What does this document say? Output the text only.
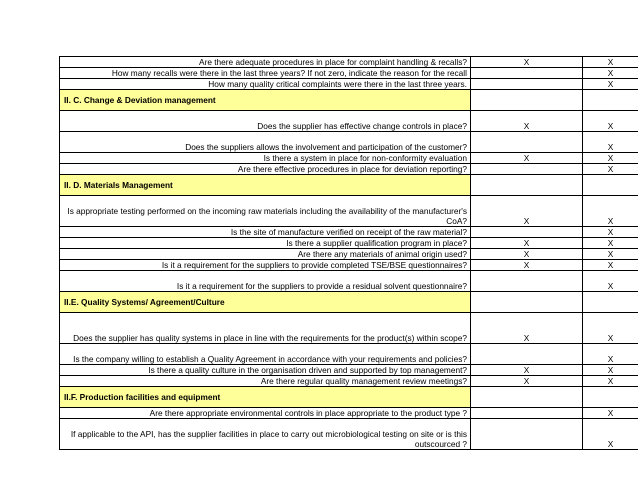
Are there adequate procedures in place for complaint handling & recalls?	X	X
How many recalls were there in the last three years? If not zero, indicate the reason for the recall		X
How many quality critical complaints were there in the last three years.		X
II. C. Change & Deviation management		
Does the supplier has effective change controls in place?	X	X
Does the suppliers allows the involvement and participation of the customer?		X
Is there a system in place for non-conformity evaluation	X	X
Are there effective procedures in place for deviation reporting?		X
II. D. Materials Management		
Is appropriate testing performed on the incoming raw materials including the availability of the manufacturer's CoA?	X	X
Is the site of manufacture verified on receipt of the raw material?		X
Is there a supplier qualification program in place?	X	X
Are there any materials of animal origin used?	X	X
Is it a requirement for the suppliers to provide completed TSE/BSE questionnaires?	X	X
Is it a requirement for the suppliers to provide a residual solvent questionnaire?		X
II.E. Quality Systems/ Agreement/Culture		
Does the supplier has quality systems in place in line with the requirements for the product(s) within scope?	X	X
Is the company willing to establish a Quality Agreement in accordance with your requirements and policies?		X
Is there a quality culture in the organisation driven and supported by top management?	X	X
Are there regular quality management review meetings?	X	X
II.F. Production facilities and equipment		
Are there appropriate environmental controls in place appropriate to the product type ?		X
If applicable to the API, has the supplier facilities in place to carry out microbiological testing on site or is this outscourced ?		X
